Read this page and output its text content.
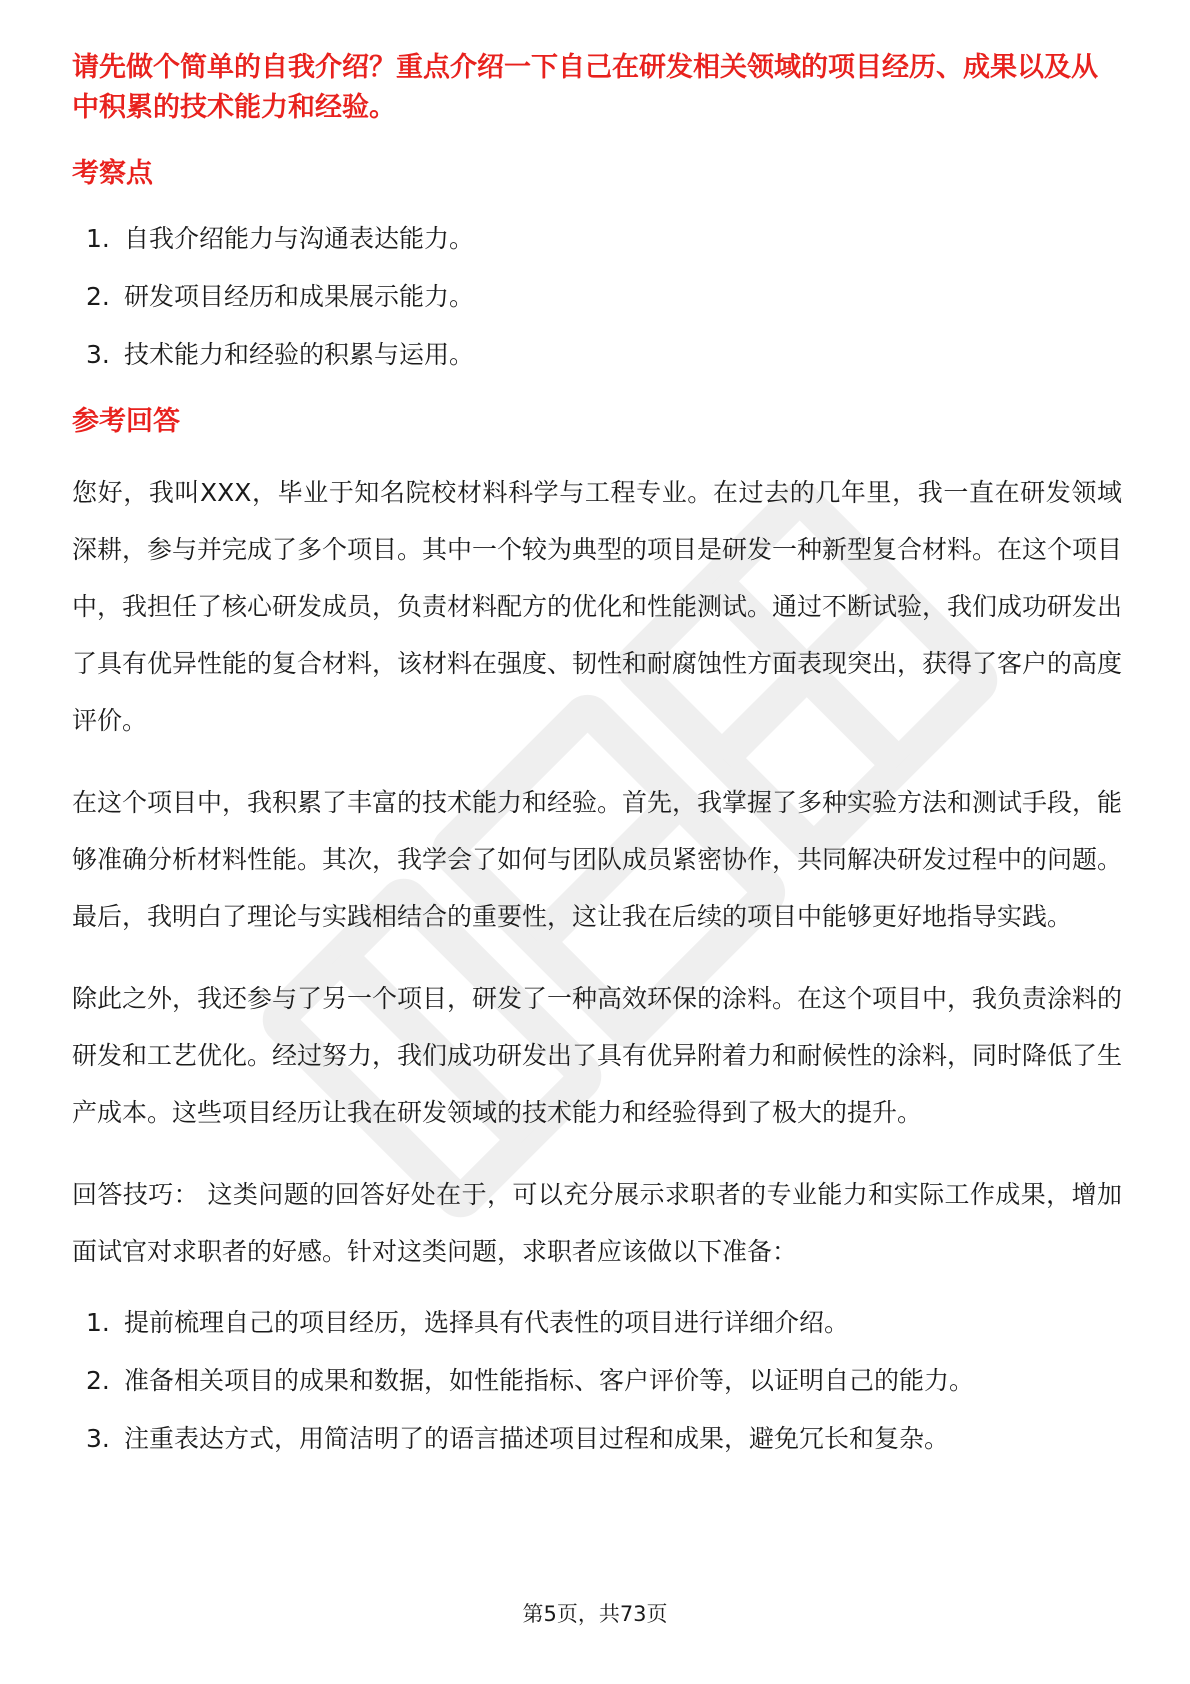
请先做个简单的自我介绍？重点介绍一下自己在研发相关领域的项目经历、成果以及从中积累的技术能力和经验。

考察点

1. 自我介绍能力与沟通表达能力。
2. 研发项目经历和成果展示能力。
3. 技术能力和经验的积累与运用。

参考回答

您好，我叫XXX，毕业于知名院校材料科学与工程专业。在过去的几年里，我一直在研发领域深耕，参与并完成了多个项目。其中一个较为典型的项目是研发一种新型复合材料。在这个项目中，我担任了核心研发成员，负责材料配方的优化和性能测试。通过不断试验，我们成功研发出了具有优异性能的复合材料，该材料在强度、韧性和耐腐蚀性方面表现突出，获得了客户的高度评价。

在这个项目中，我积累了丰富的技术能力和经验。首先，我掌握了多种实验方法和测试手段，能够准确分析材料性能。其次，我学会了如何与团队成员紧密协作，共同解决研发过程中的问题。最后，我明白了理论与实践相结合的重要性，这让我在后续的项目中能够更好地指导实践。

除此之外，我还参与了另一个项目，研发了一种高效环保的涂料。在这个项目中，我负责涂料的研发和工艺优化。经过努力，我们成功研发出了具有优异附着力和耐候性的涂料，同时降低了生产成本。这些项目经历让我在研发领域的技术能力和经验得到了极大的提升。

回答技巧： 这类问题的回答好处在于，可以充分展示求职者的专业能力和实际工作成果，增加面试官对求职者的好感。针对这类问题，求职者应该做以下准备：

1. 提前梳理自己的项目经历，选择具有代表性的项目进行详细介绍。
2. 准备相关项目的成果和数据，如性能指标、客户评价等，以证明自己的能力。
3. 注重表达方式，用简洁明了的语言描述项目过程和成果，避免冗长和复杂。
第5页，共73页
